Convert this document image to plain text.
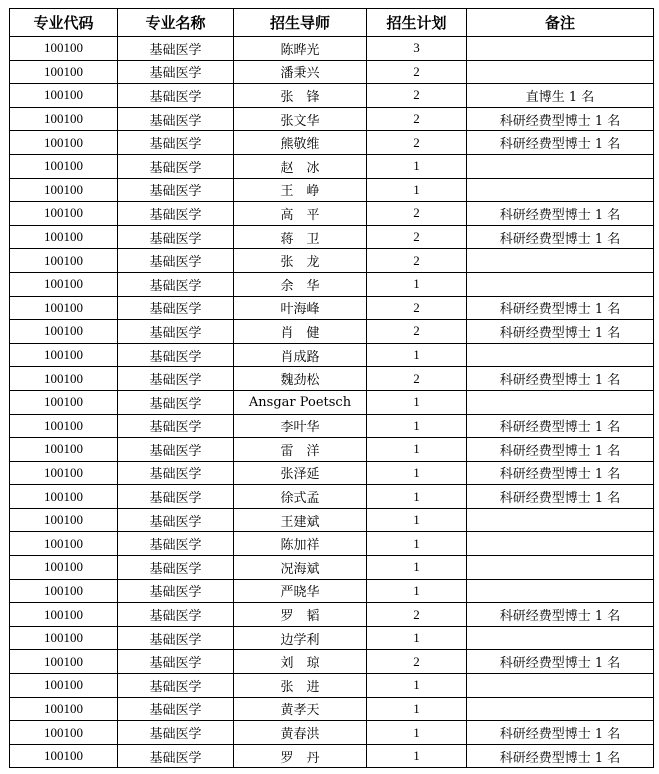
专业代码	专业名称	招生导师	招生计划	备注
100100	基础医学	陈晔光	3	
100100	基础医学	潘秉兴	2	
100100	基础医学	张　锋	2	直博生 1 名
100100	基础医学	张文华	2	科研经费型博士 1 名
100100	基础医学	熊敬维	2	科研经费型博士 1 名
100100	基础医学	赵　冰	1	
100100	基础医学	王　峥	1	
100100	基础医学	高　平	2	科研经费型博士 1 名
100100	基础医学	蒋　卫	2	科研经费型博士 1 名
100100	基础医学	张　龙	2	
100100	基础医学	余　华	1	
100100	基础医学	叶海峰	2	科研经费型博士 1 名
100100	基础医学	肖　健	2	科研经费型博士 1 名
100100	基础医学	肖成路	1	
100100	基础医学	魏劲松	2	科研经费型博士 1 名
100100	基础医学	Ansgar Poetsch	1	
100100	基础医学	李叶华	1	科研经费型博士 1 名
100100	基础医学	雷　洋	1	科研经费型博士 1 名
100100	基础医学	张泽延	1	科研经费型博士 1 名
100100	基础医学	徐式孟	1	科研经费型博士 1 名
100100	基础医学	王建斌	1	
100100	基础医学	陈加祥	1	
100100	基础医学	况海斌	1	
100100	基础医学	严晓华	1	
100100	基础医学	罗　韬	2	科研经费型博士 1 名
100100	基础医学	边学利	1	
100100	基础医学	刘　琼	2	科研经费型博士 1 名
100100	基础医学	张　进	1	
100100	基础医学	黄孝天	1	
100100	基础医学	黄春洪	1	科研经费型博士 1 名
100100	基础医学	罗　丹	1	科研经费型博士 1 名
